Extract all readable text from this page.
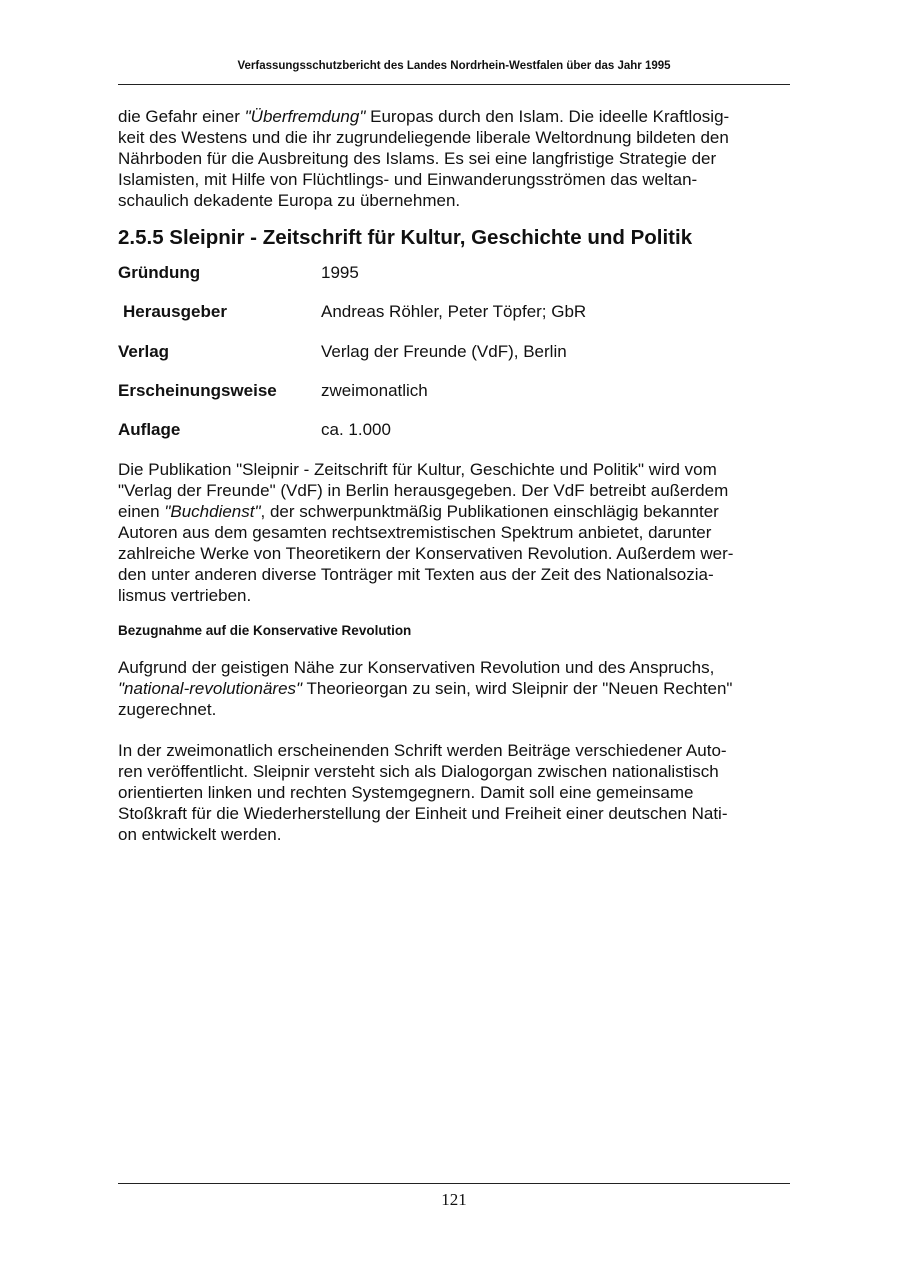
Verfassungsschutzbericht des Landes Nordrhein-Westfalen über das Jahr 1995
die Gefahr einer "Überfremdung" Europas durch den Islam. Die ideelle Kraftlosig-
keit des Westens und die ihr zugrundeliegende liberale Weltordnung bildeten den
Nährboden für die Ausbreitung des Islams. Es sei eine langfristige Strategie der
Islamisten, mit Hilfe von Flüchtlings- und Einwanderungsströmen das weltan-
schaulich dekadente Europa zu übernehmen.
2.5.5 Sleipnir - Zeitschrift für Kultur, Geschichte und Politik
Gründung	1995
Herausgeber	Andreas Röhler, Peter Töpfer; GbR
Verlag	Verlag der Freunde (VdF), Berlin
Erscheinungsweise	zweimonatlich
Auflage	ca. 1.000
Die Publikation "Sleipnir - Zeitschrift für Kultur, Geschichte und Politik" wird vom
"Verlag der Freunde" (VdF) in Berlin herausgegeben. Der VdF betreibt außerdem
einen "Buchdienst", der schwerpunktmäßig Publikationen einschlägig bekannter
Autoren aus dem gesamten rechtsextremistischen Spektrum anbietet, darunter
zahlreiche Werke von Theoretikern der Konservativen Revolution. Außerdem wer-
den unter anderen diverse Tonträger mit Texten aus der Zeit des Nationalsozia-
lismus vertrieben.
Bezugnahme auf die Konservative Revolution
Aufgrund der geistigen Nähe zur Konservativen Revolution und des Anspruchs,
"national-revolutionäres" Theorieorgan zu sein, wird Sleipnir der "Neuen Rechten"
zugerechnet.
In der zweimonatlich erscheinenden Schrift werden Beiträge verschiedener Auto-
ren veröffentlicht. Sleipnir versteht sich als Dialogorgan zwischen nationalistisch
orientierten linken und rechten Systemgegnern. Damit soll eine gemeinsame
Stoßkraft für die Wiederherstellung der Einheit und Freiheit einer deutschen Nati-
on entwickelt werden.
121
